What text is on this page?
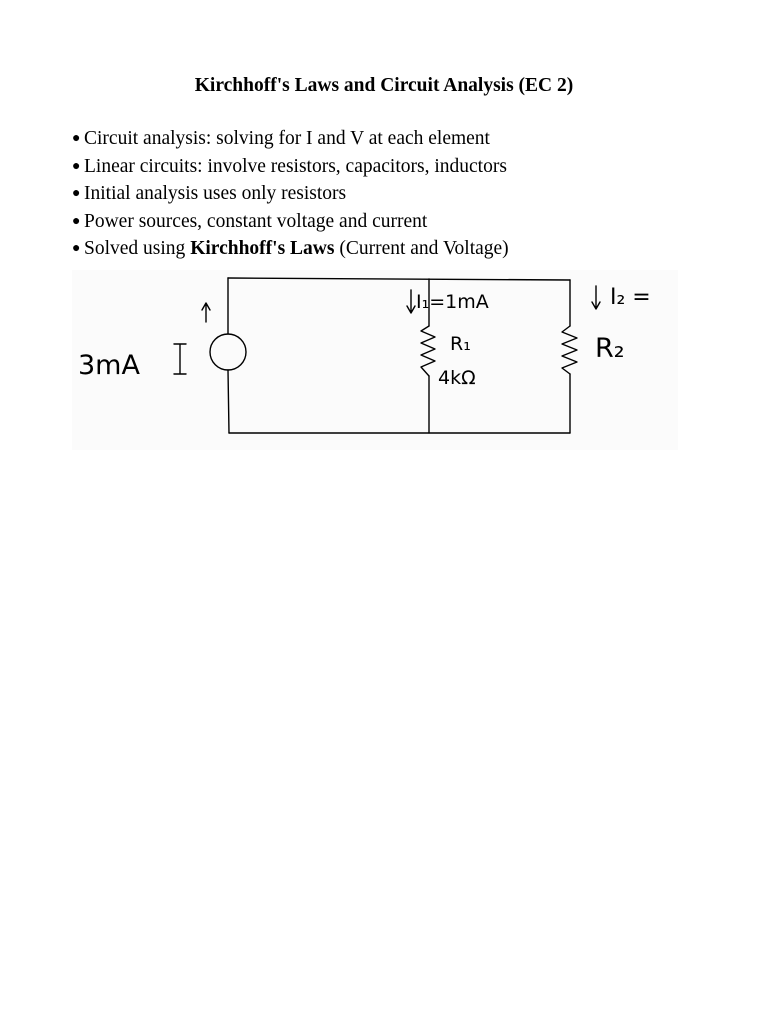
Kirchhoff's Laws and Circuit Analysis (EC 2)
● Circuit analysis: solving for I and V at each element
● Linear circuits: involve resistors, capacitors, inductors
● Initial analysis uses only resistors
● Power sources, constant voltage and current
● Solved using Kirchhoff's Laws (Current and Voltage)
3mA
I₁=1mA	I₂ =
R₁
4kΩ
R₂
